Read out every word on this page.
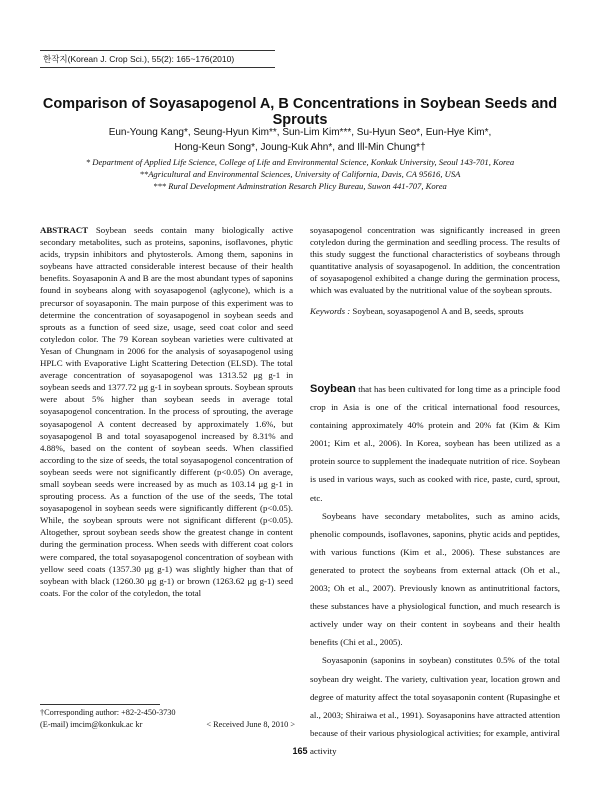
한작지(Korean J. Crop Sci.), 55(2): 165~176(2010)
Comparison of Soyasapogenol A, B Concentrations in Soybean Seeds and Sprouts
Eun-Young Kang*, Seung-Hyun Kim**, Sun-Lim Kim***, Su-Hyun Seo*, Eun-Hye Kim*,
Hong-Keun Song*, Joung-Kuk Ahn*, and Ill-Min Chung*†
* Department of Applied Life Science, College of Life and Environmental Science, Konkuk University, Seoul 143-701, Korea
**Agricultural and Environmental Sciences, University of California, Davis, CA 95616, USA
*** Rural Development Adminstration Resarch Plicy Bureau, Suwon 441-707, Korea

ABSTRACT Soybean seeds contain many biologically active secondary metabolites, such as proteins, saponins, isoflavones, phytic acids, trypsin inhibitors and phytosterols. Among them, saponins in soybeans have attracted considerable interest because of their health benefits. Soyasaponin A and B are the most abundant types of saponins found in soybeans along with soyasapogenol (aglycone), which is a precursor of soyasaponin. The main purpose of this experiment was to determine the concentration of soyasapogenol in soybean seeds and sprouts as a function of seed size, usage, seed coat color and seed cotyledon color. The 79 Korean soybean varieties were cultivated at Yesan of Chungnam in 2006 for the analysis of soyasapogenol using HPLC with Evaporative Light Scattering Detection (ELSD). The total average concentration of soyasapogenol was 1313.52 μg g-1 in soybean seeds and 1377.72 μg g-1 in soybean sprouts. Soybean sprouts were about 5% higher than soybean seeds in average total soyasapogenol concentration. In the process of sprouting, the average soyasapogenol A content decreased by approximately 1.6%, but soyasapogenol B and total soyasapogenol increased by 8.31% and 4.88%, based on the content of soybean seeds. When classified according to the size of seeds, the total soyasapogenol concentration of soybean seeds were not significantly different (p<0.05) On average, small soybean seeds were increased by as much as 103.14 μg g-1 in sprouting process. As a function of the use of the seeds, The total soyasapogenol in soybean seeds were significantly different (p<0.05). While, the soybean sprouts were not significant different (p<0.05). Altogether, sprout soybean seeds show the greatest change in content during the germination process. When seeds with different coat colors were compared, the total soyasapogenol concentration of soybean with yellow seed coats (1357.30 μg g-1) was slightly higher than that of soybean with black (1260.30 μg g-1) or brown (1263.62 μg g-1) seed coats. For the color of the cotyledon, the total

soyasapogenol concentration was significantly increased in green cotyledon during the germination and seedling process. The results of this study suggest the functional characteristics of soybeans through quantitative analysis of soyasapogenol. In addition, the concentration of soyasapogenol exhibited a change during the germination process, which was evaluated by the nutritional value of the soybean sprouts.

Keywords : Soybean, soyasapogenol A and B, seeds, sprouts

Soybean that has been cultivated for long time as a principle food crop in Asia is one of the critical international food resources, containing approximately 40% protein and 20% fat (Kim & Kim 2001; Kim et al., 2006). In Korea, soybean has been utilized as a protein source to supplement the inadequate nutrition of rice. Soybean is used in various ways, such as cooked with rice, paste, curd, sprout, etc.

Soybeans have secondary metabolites, such as amino acids, phenolic compounds, isoflavones, saponins, phytic acids and peptides, with various functions (Kim et al., 2006). These substances are generated to protect the soybeans from external attack (Oh et al., 2003; Oh et al., 2007). Previously known as antinutritional factors, these substances have a physiological function, and much research is actively under way on their content in soybeans and their health benefits (Chi et al., 2005).

Soyasaponin (saponins in soybean) constitutes 0.5% of the total soybean dry weight. The variety, cultivation year, location grown and degree of maturity affect the total soyasaponin content (Rupasinghe et al., 2003; Shiraiwa et al., 1991). Soyasaponins have attracted attention because of their various physiological activities; for example, antiviral activity

†Corresponding author: +82-2-450-3730
(E-mail) imcim@konkuk.ac kr	< Received June 8, 2010 >
165
